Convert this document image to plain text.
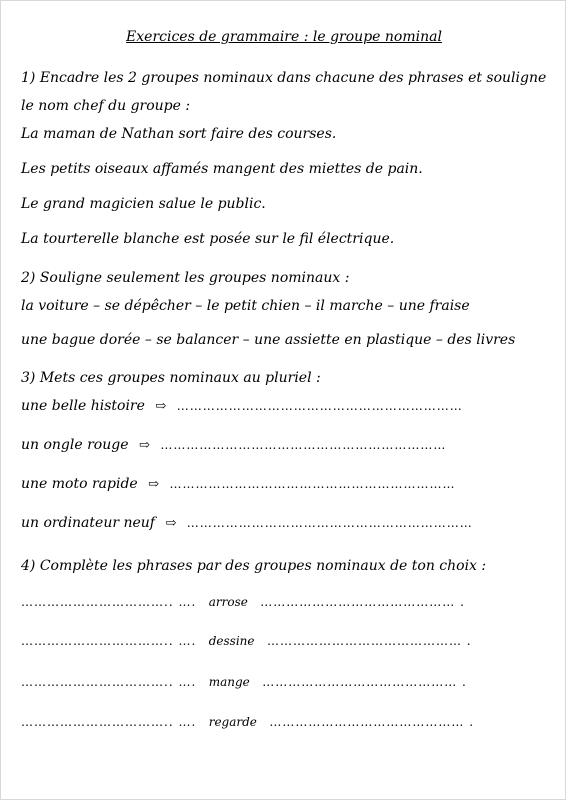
Exercices de grammaire : le groupe nominal
1) Encadre les 2 groupes nominaux dans chacune des phrases et souligne
le nom chef du groupe :
La maman de Nathan sort faire des courses.
Les petits oiseaux affamés mangent des miettes de pain.
Le grand magicien salue le public.
La tourterelle blanche est posée sur le fil électrique.
2) Souligne seulement les groupes nominaux :
la voiture – se dépêcher – le petit chien – il marche – une fraise
une bague dorée – se balancer – une assiette en plastique – des livres
3) Mets ces groupes nominaux au pluriel :
une belle histoire ⇨ …………………………………………………………
un ongle rouge ⇨ …………………………………………………………
une moto rapide ⇨ …………………………………………………………
un ordinateur neuf ⇨ …………………………………………………………
4) Complète les phrases par des groupes nominaux de ton choix :
…………………………….. …. arrose ……………………………………… .
…………………………….. …. dessine ……………………………………… .
…………………………….. …. mange ……………………………………… .
…………………………….. …. regarde ……………………………………… .
